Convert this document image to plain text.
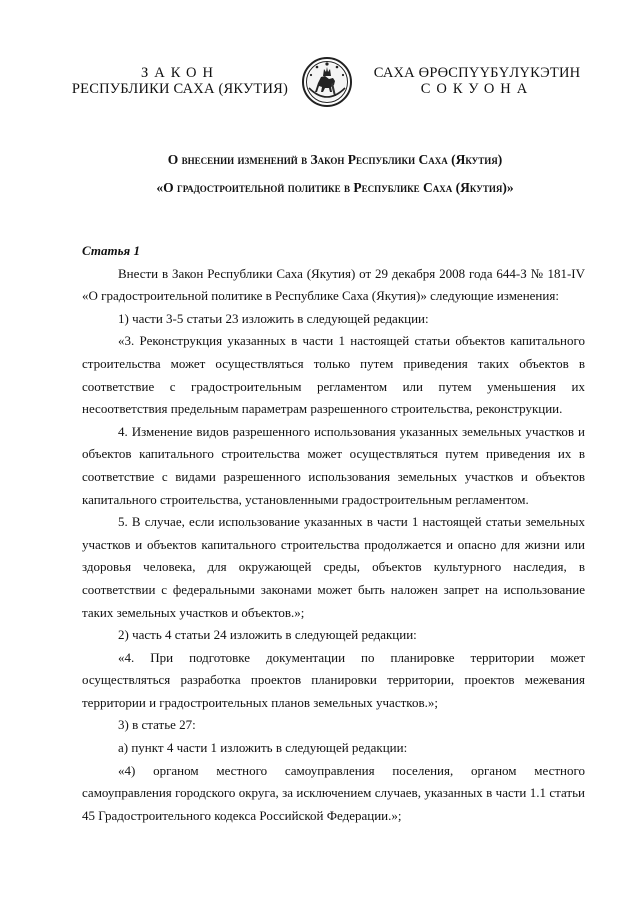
ЗАКОН
РЕСПУБЛИКИ САХА (ЯКУТИЯ)
САХА ӨРӨСПҮҮБҮЛҮКЭТИН
СОКУОНА
О внесении изменений в Закон Республики Саха (Якутия)
«О градостроительной политике в Республике Саха (Якутия)»

Статья 1

Внести в Закон Республики Саха (Якутия) от 29 декабря 2008 года 644-З № 181-IV «О градостроительной политике в Республике Саха (Якутия)» следующие изменения:

1) части 3-5 статьи 23 изложить в следующей редакции:

«3. Реконструкция указанных в части 1 настоящей статьи объектов капитального строительства может осуществляться только путем приведения таких объектов в соответствие с градостроительным регламентом или путем уменьшения их несоответствия предельным параметрам разрешенного строительства, реконструкции.

4. Изменение видов разрешенного использования указанных земельных участков и объектов капитального строительства может осуществляться путем приведения их в соответствие с видами разрешенного использования земельных участков и объектов капитального строительства, установленными градостроительным регламентом.

5. В случае, если использование указанных в части 1 настоящей статьи земельных участков и объектов капитального строительства продолжается и опасно для жизни или здоровья человека, для окружающей среды, объектов культурного наследия, в соответствии с федеральными законами может быть наложен запрет на использование таких земельных участков и объектов.»;

2) часть 4 статьи 24 изложить в следующей редакции:

«4. При подготовке документации по планировке территории может осуществляться разработка проектов планировки территории, проектов межевания территории и градостроительных планов земельных участков.»;

3) в статье 27:

а) пункт 4 части 1 изложить в следующей редакции:

«4) органом местного самоуправления поселения, органом местного самоуправления городского округа, за исключением случаев, указанных в части 1.1 статьи 45 Градостроительного кодекса Российской Федерации.»;
